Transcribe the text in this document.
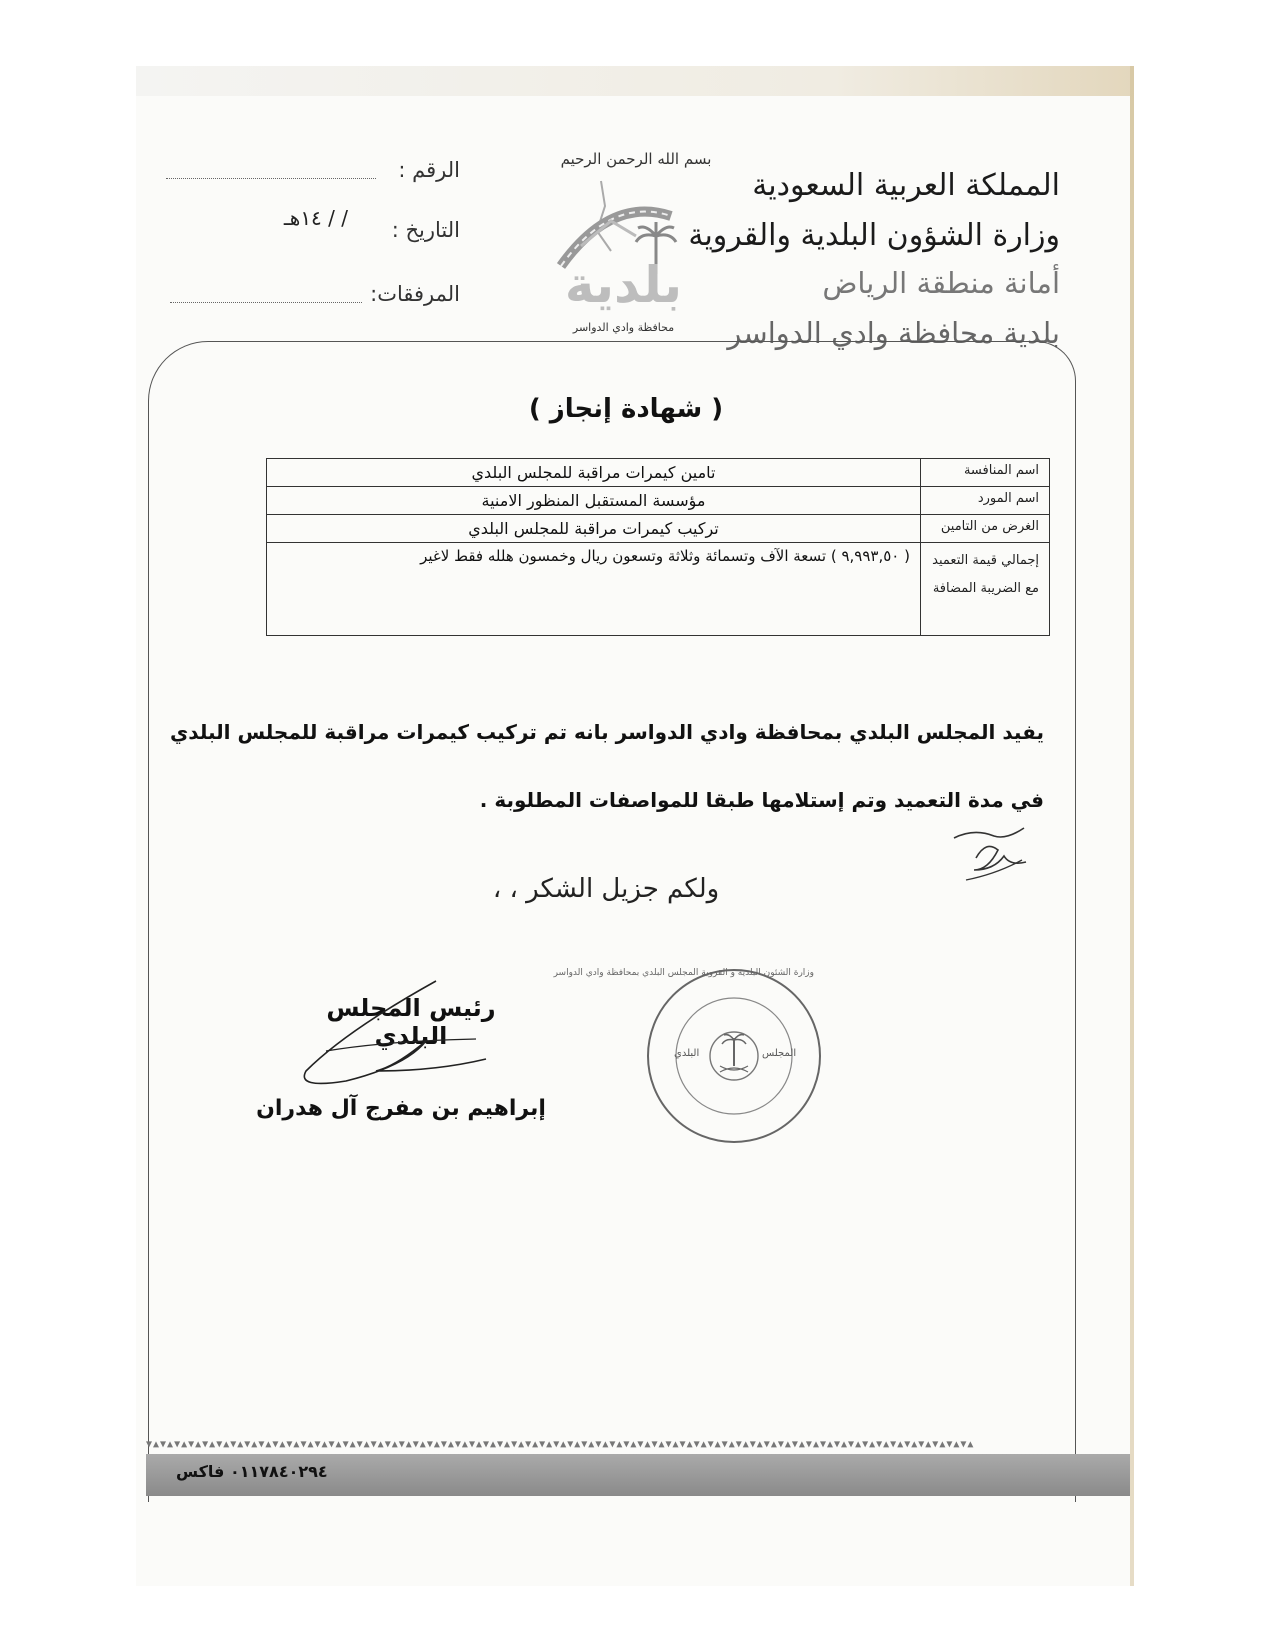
بسم الله الرحمن الرحيم
المملكة العربية السعودية
وزارة الشؤون البلدية والقروية
أمانة منطقة الرياض
بلدية محافظة وادي الدواسر
الرقم :
التاريخ :
/ / ١٤هـ
المرفقات:	بلدية
محافظة وادي الدواسر
( شهادة إنجاز )
اسم المنافسة	تامين كيمرات مراقبة للمجلس البلدي
اسم المورد	مؤسسة المستقبل المنظور الامنية
الغرض من التامين	تركيب كيمرات مراقبة للمجلس البلدي
إجمالي قيمة التعميد مع الضريبة المضافة	( ٩,٩٩٣,٥٠ ) تسعة الآف وتسمائة وثلاثة وتسعون ريال وخمسون هلله فقط لاغير
يفيد المجلس البلدي بمحافظة وادي الدواسر بانه تم تركيب كيمرات مراقبة للمجلس البلدي
في مدة التعميد وتم إستلامها طبقا للمواصفات المطلوبة .
ولكم جزيل الشكر ، ،
رئيس المجلس البلدي
إبراهيم بن مفرج آل هدران
وزارة الشئون البلدية و القروية المجلس البلدي بمحافظة وادي الدواسر
المجلس
البلدي
▼▲▼▲▼▲▼▲▼▲▼▲▼▲▼▲▼▲▼▲▼▲▼▲▼▲▼▲▼▲▼▲▼▲▼▲▼▲▼▲▼▲▼▲▼▲▼▲▼▲▼▲▼▲▼▲▼▲▼▲▼▲▼▲▼▲▼▲▼▲▼▲▼▲▼▲▼▲▼▲▼▲▼▲▼▲▼▲▼▲▼▲▼▲▼▲▼▲▼▲▼▲▼▲▼▲▼▲▼▲▼▲▼▲▼▲▼▲
٠١١٧٨٤٠٢٩٤ فاكس
